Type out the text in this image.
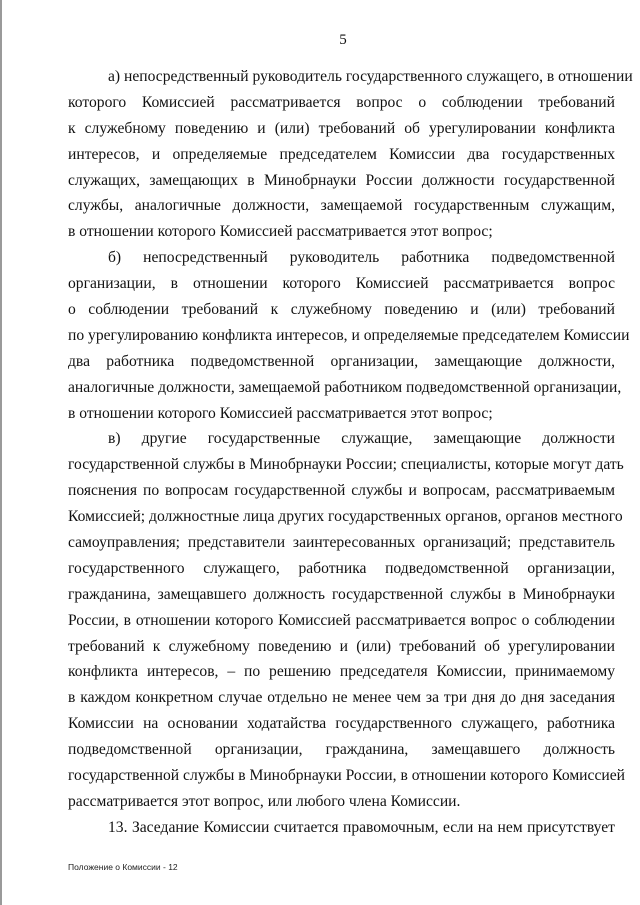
5
а) непосредственный руководитель государственного служащего, в отношении
которого Комиссией рассматривается вопрос о соблюдении требований
к служебному поведению и (или) требований об урегулировании конфликта
интересов, и определяемые председателем Комиссии два государственных
служащих, замещающих в Минобрнауки России должности государственной
службы, аналогичные должности, замещаемой государственным служащим,
в отношении которого Комиссией рассматривается этот вопрос;
б) непосредственный руководитель работника подведомственной
организации, в отношении которого Комиссией рассматривается вопрос
о соблюдении требований к служебному поведению и (или) требований
по урегулированию конфликта интересов, и определяемые председателем Комиссии
два работника подведомственной организации, замещающие должности,
аналогичные должности, замещаемой работником подведомственной организации,
в отношении которого Комиссией рассматривается этот вопрос;
в) другие государственные служащие, замещающие должности
государственной службы в Минобрнауки России; специалисты, которые могут дать
пояснения по вопросам государственной службы и вопросам, рассматриваемым
Комиссией; должностные лица других государственных органов, органов местного
самоуправления; представители заинтересованных организаций; представитель
государственного служащего, работника подведомственной организации,
гражданина, замещавшего должность государственной службы в Минобрнауки
России, в отношении которого Комиссией рассматривается вопрос о соблюдении
требований к служебному поведению и (или) требований об урегулировании
конфликта интересов, – по решению председателя Комиссии, принимаемому
в каждом конкретном случае отдельно не менее чем за три дня до дня заседания
Комиссии на основании ходатайства государственного служащего, работника
подведомственной организации, гражданина, замещавшего должность
государственной службы в Минобрнауки России, в отношении которого Комиссией
рассматривается этот вопрос, или любого члена Комиссии.
13. Заседание Комиссии считается правомочным, если на нем присутствует
Положение о Комиссии - 12
